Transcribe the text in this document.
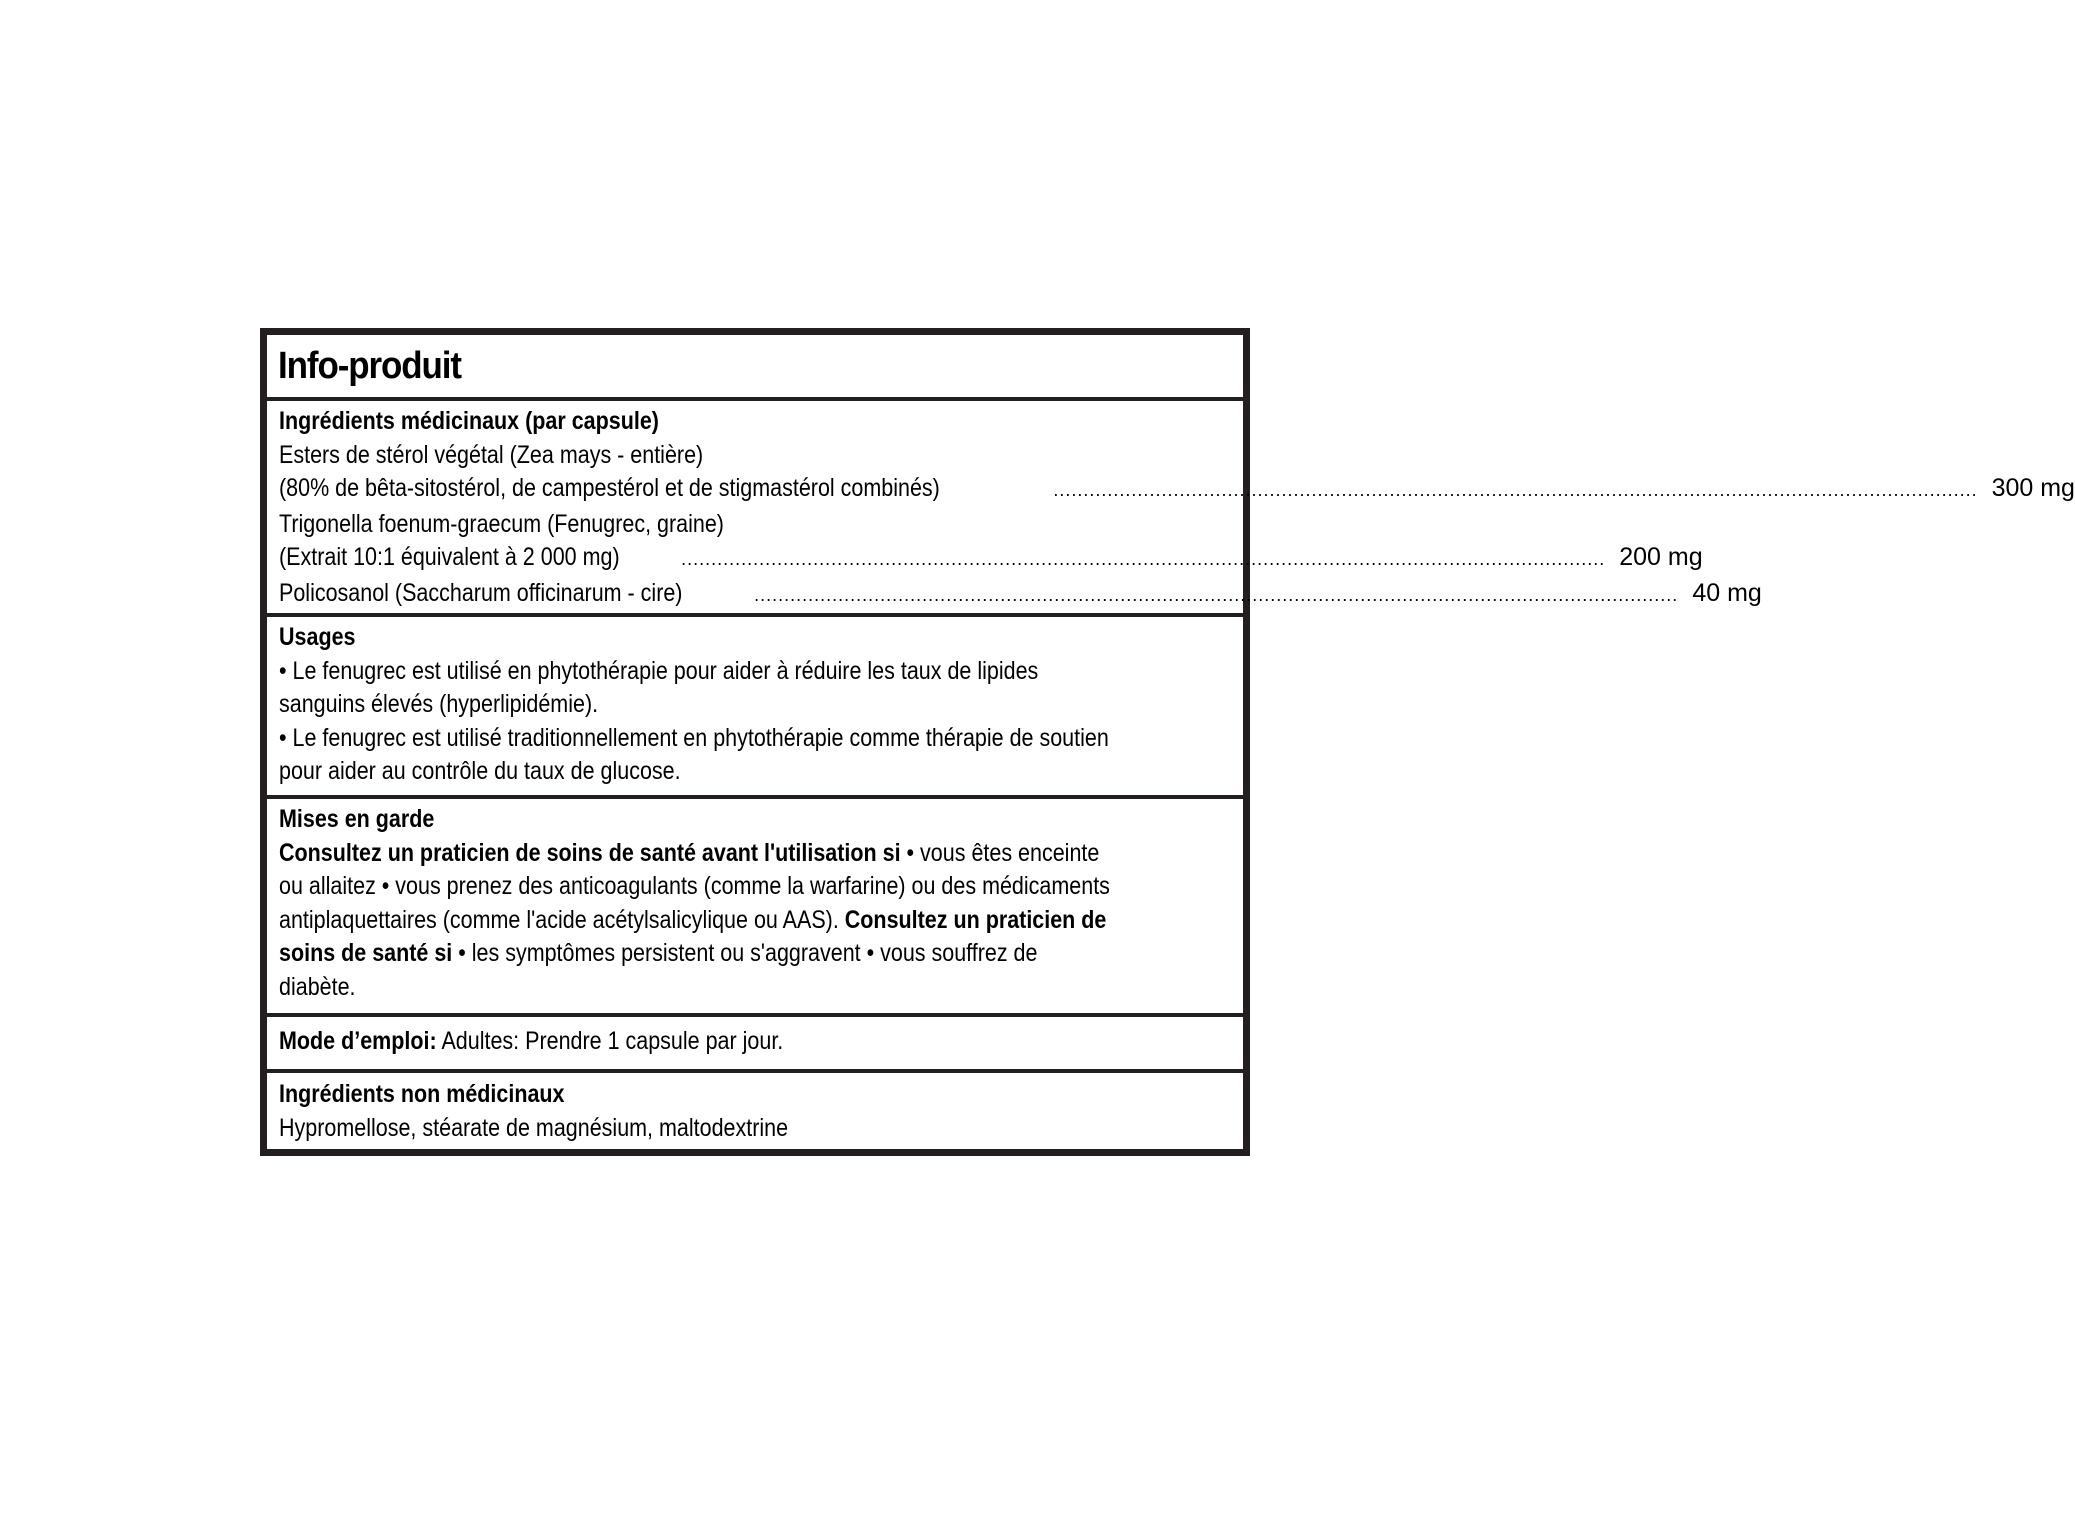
Info-produit
Ingrédients médicinaux (par capsule)
Esters de stérol végétal (Zea mays - entière)
(80% de bêta-sitostérol, de campestérol et de stigmastérol combinés)	.......................................................................................................................................................... 300 mg
Trigonella foenum-graecum (Fenugrec, graine)
(Extrait 10:1 équivalent à 2 000 mg)	.......................................................................................................................................................... 200 mg
Policosanol (Saccharum officinarum - cire)	.......................................................................................................................................................... 40 mg
Usages
• Le fenugrec est utilisé en phytothérapie pour aider à réduire les taux de lipides
sanguins élevés (hyperlipidémie).
• Le fenugrec est utilisé traditionnellement en phytothérapie comme thérapie de soutien
pour aider au contrôle du taux de glucose.
Mises en garde
Consultez un praticien de soins de santé avant l'utilisation si • vous êtes enceinte
ou allaitez • vous prenez des anticoagulants (comme la warfarine) ou des médicaments
antiplaquettaires (comme l'acide acétylsalicylique ou AAS). Consultez un praticien de
soins de santé si • les symptômes persistent ou s'aggravent • vous souffrez de
diabète.
Mode d’emploi: Adultes: Prendre 1 capsule par jour.
Ingrédients non médicinaux
Hypromellose, stéarate de magnésium, maltodextrine
